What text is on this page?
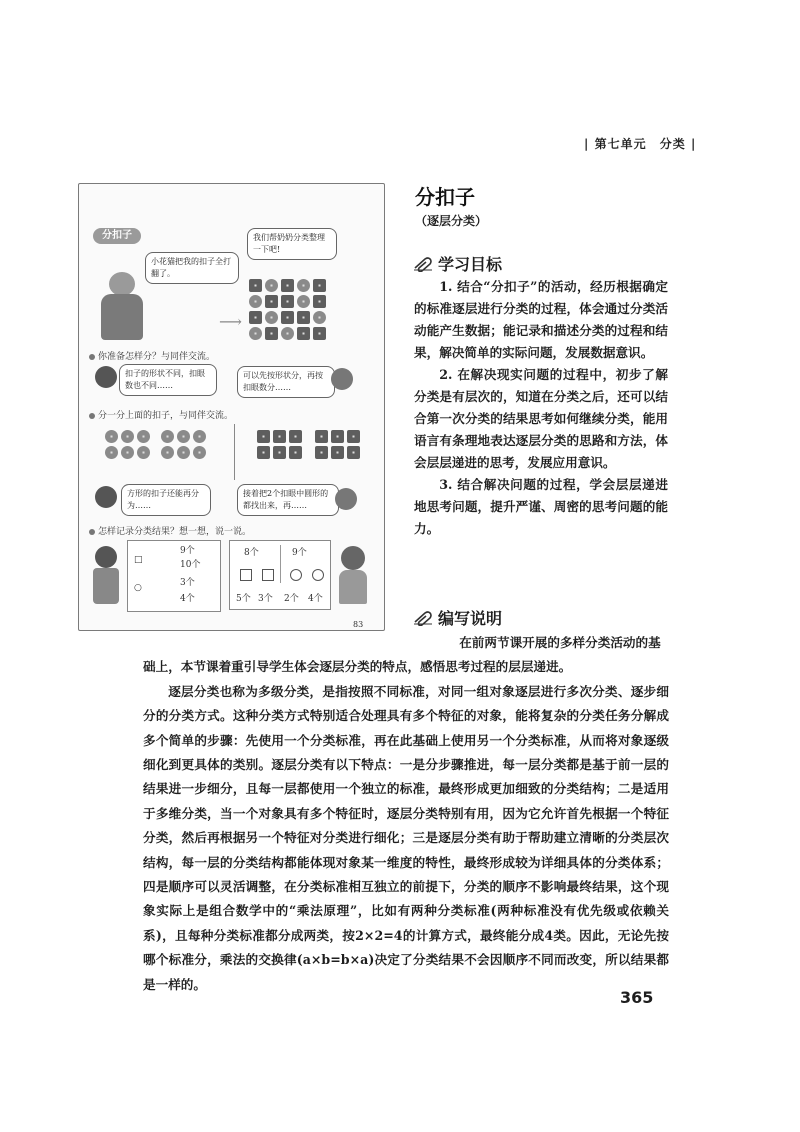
| 第七单元 分类 |
分扣子
小花猫把我的扣子全打翻了。
我们帮奶奶分类整理一下吧!
⟶
你准备怎样分？与同伴交流。
扣子的形状不同，扣眼数也不同……
可以先按形状分，再按扣眼数分……
分一分上面的扣子，与同伴交流。
方形的扣子还能再分为……
接着把2个扣眼中圆形的都找出来，再……
怎样记录分类结果？想一想，说一说。
□
○
9个
10个
3个
4个
8个	9个
5个 3个 2个 4个
83
分扣子
（逐层分类）
学习目标

1. 结合“分扣子”的活动，经历根据确定的标准逐层进行分类的过程，体会通过分类活动能产生数据；能记录和描述分类的过程和结果，解决简单的实际问题，发展数据意识。

2. 在解决现实问题的过程中，初步了解分类是有层次的，知道在分类之后，还可以结合第一次分类的结果思考如何继续分类，能用语言有条理地表达逐层分类的思路和方法，体会层层递进的思考，发展应用意识。

3. 结合解决问题的过程，学会层层递进地思考问题，提升严谨、周密的思考问题的能力。

编写说明

在前两节课开展的多样分类活动的基

础上，本节课着重引导学生体会逐层分类的特点，感悟思考过程的层层递进。

逐层分类也称为多级分类，是指按照不同标准，对同一组对象逐层进行多次分类、逐步细分的分类方式。这种分类方式特别适合处理具有多个特征的对象，能将复杂的分类任务分解成多个简单的步骤：先使用一个分类标准，再在此基础上使用另一个分类标准，从而将对象逐级细化到更具体的类别。逐层分类有以下特点：一是分步骤推进，每一层分类都是基于前一层的结果进一步细分，且每一层都使用一个独立的标准，最终形成更加细致的分类结构；二是适用于多维分类，当一个对象具有多个特征时，逐层分类特别有用，因为它允许首先根据一个特征分类，然后再根据另一个特征对分类进行细化；三是逐层分类有助于帮助建立清晰的分类层次结构，每一层的分类结构都能体现对象某一维度的特性，最终形成较为详细具体的分类体系；四是顺序可以灵活调整，在分类标准相互独立的前提下，分类的顺序不影响最终结果，这个现象实际上是组合数学中的“乘法原理”，比如有两种分类标准(两种标准没有优先级或依赖关系)，且每种分类标准都分成两类，按2×2=4的计算方式，最终能分成4类。因此，无论先按哪个标准分，乘法的交换律(a×b=b×a)决定了分类结果不会因顺序不同而改变，所以结果都是一样的。

365
